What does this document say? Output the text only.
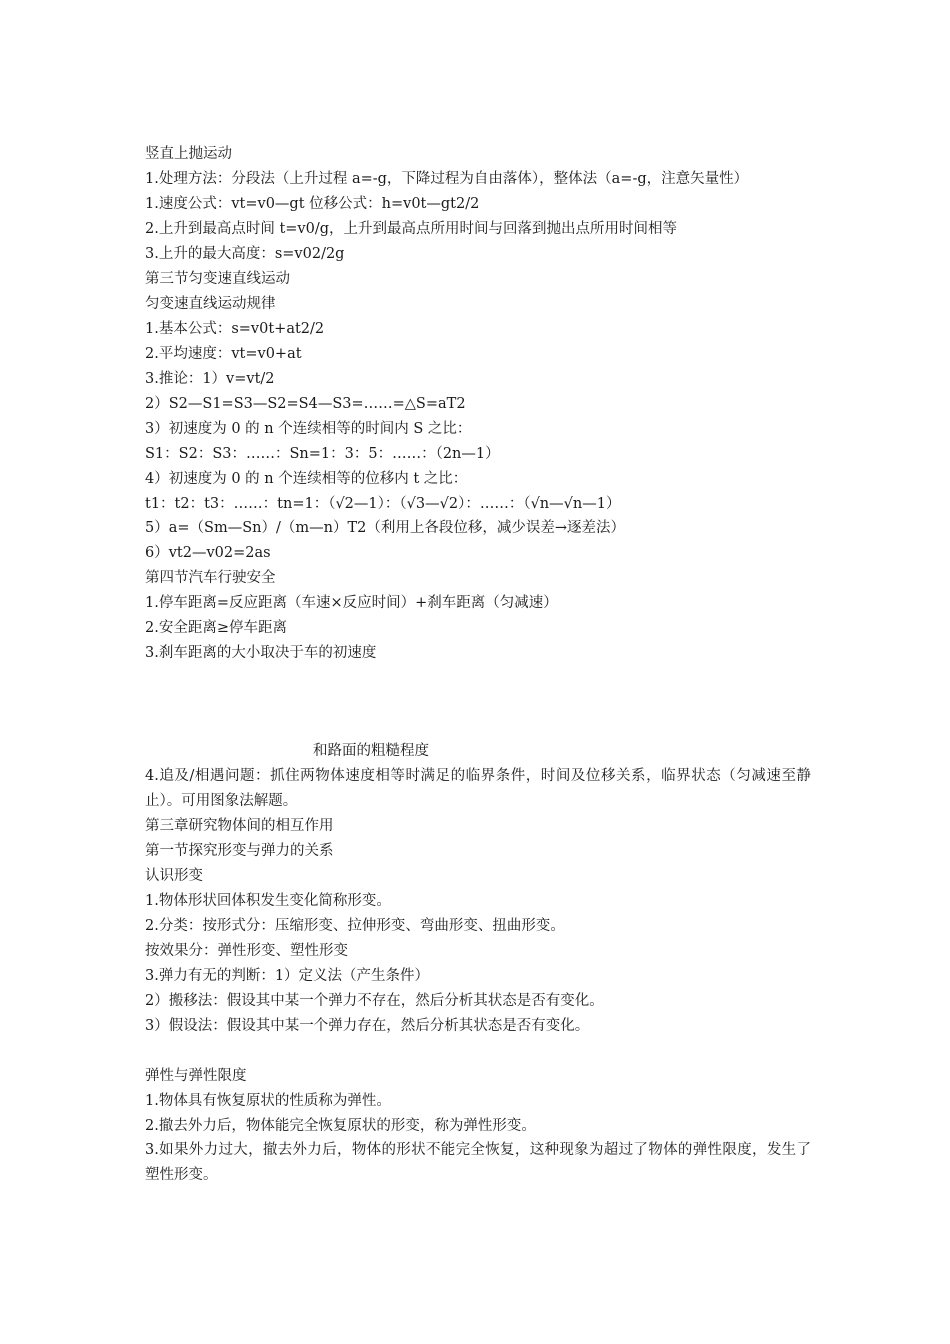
竖直上抛运动
1.处理方法：分段法（上升过程 a=-g，下降过程为自由落体），整体法（a=-g，注意矢量性）
1.速度公式：vt=v0—gt 位移公式：h=v0t—gt2/2
2.上升到最高点时间 t=v0/g，上升到最高点所用时间与回落到抛出点所用时间相等
3.上升的最大高度：s=v02/2g
第三节匀变速直线运动
匀变速直线运动规律
1.基本公式：s=v0t+at2/2
2.平均速度：vt=v0+at
3.推论：1）v=vt/2
2）S2—S1=S3—S2=S4—S3=……=△S=aT2
3）初速度为 0 的 n 个连续相等的时间内 S 之比：
S1：S2：S3：……：Sn=1：3：5：……：（2n—1）
4）初速度为 0 的 n 个连续相等的位移内 t 之比：
t1：t2：t3：……：tn=1：（√2—1）：（√3—√2）：……：（√n—√n—1）
5）a=（Sm—Sn）/（m—n）T2（利用上各段位移，减少误差→逐差法）
6）vt2—v02=2as
第四节汽车行驶安全
1.停车距离=反应距离（车速×反应时间）+刹车距离（匀减速）
2.安全距离≥停车距离
3.刹车距离的大小取决于车的初速度
和路面的粗糙程度
4.追及/相遇问题：抓住两物体速度相等时满足的临界条件，时间及位移关系，临界状态（匀减速至静止）。可用图象法解题。
第三章研究物体间的相互作用
第一节探究形变与弹力的关系
认识形变
1.物体形状回体积发生变化简称形变。
2.分类：按形式分：压缩形变、拉伸形变、弯曲形变、扭曲形变。
按效果分：弹性形变、塑性形变
3.弹力有无的判断：1）定义法（产生条件）
2）搬移法：假设其中某一个弹力不存在，然后分析其状态是否有变化。
3）假设法：假设其中某一个弹力存在，然后分析其状态是否有变化。
弹性与弹性限度
1.物体具有恢复原状的性质称为弹性。
2.撤去外力后，物体能完全恢复原状的形变，称为弹性形变。
3.如果外力过大，撤去外力后，物体的形状不能完全恢复，这种现象为超过了物体的弹性限度，发生了塑性形变。
